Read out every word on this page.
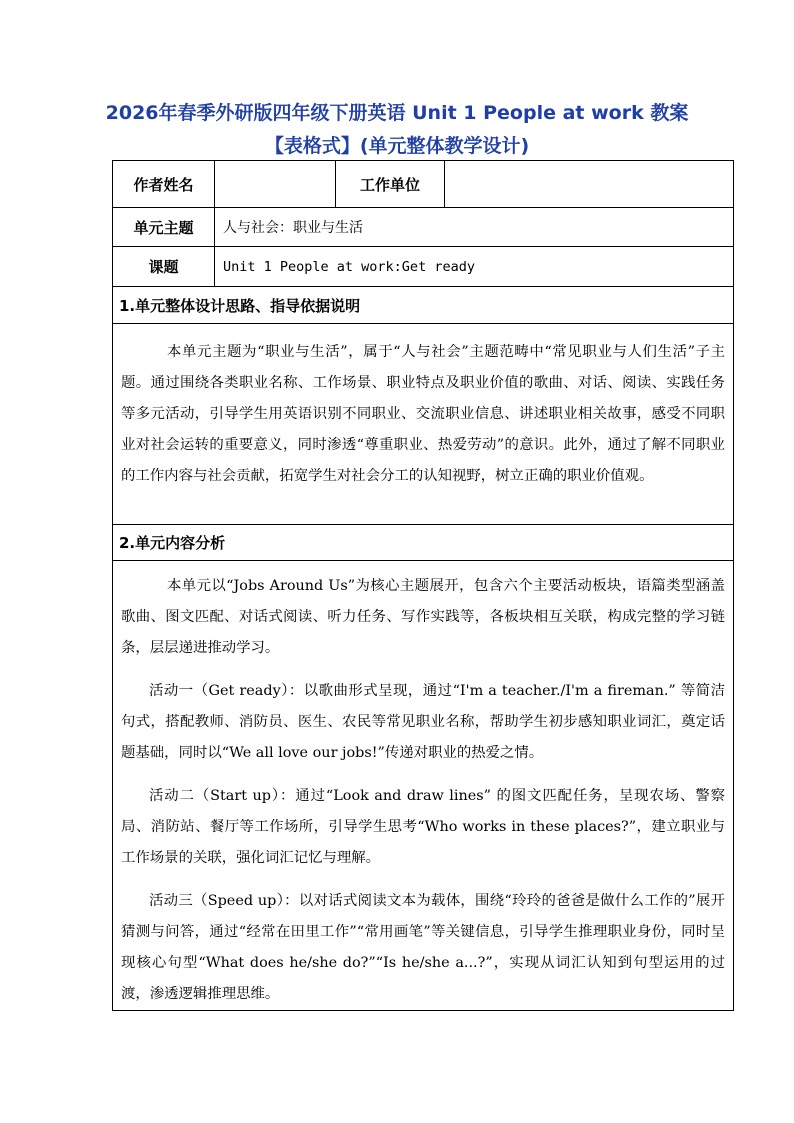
2026年春季外研版四年级下册英语 Unit 1 People at work 教案
【表格式】(单元整体教学设计)
作者姓名		工作单位	
单元主题	人与社会：职业与生活		
课题	Unit 1 People at work:Get ready		
1.单元整体设计思路、指导依据说明			

本单元主题为“职业与生活”，属于“人与社会”主题范畴中“常见职业与人们生活”子主题。通过围绕各类职业名称、工作场景、职业特点及职业价值的歌曲、对话、阅读、实践任务等多元活动，引导学生用英语识别不同职业、交流职业信息、讲述职业相关故事，感受不同职业对社会运转的重要意义，同时渗透“尊重职业、热爱劳动”的意识。此外，通过了解不同职业的工作内容与社会贡献，拓宽学生对社会分工的认知视野，树立正确的职业价值观。			

2.单元内容分析			

本单元以“Jobs Around Us”为核心主题展开，包含六个主要活动板块，语篇类型涵盖歌曲、图文匹配、对话式阅读、听力任务、写作实践等，各板块相互关联，构成完整的学习链条，层层递进推动学习。

活动一（Get ready）：以歌曲形式呈现，通过“I'm a teacher./I'm a fireman.” 等简洁句式，搭配教师、消防员、医生、农民等常见职业名称，帮助学生初步感知职业词汇，奠定话题基础，同时以“We all love our jobs!”传递对职业的热爱之情。

活动二（Start up）：通过“Look and draw lines” 的图文匹配任务，呈现农场、警察局、消防站、餐厅等工作场所，引导学生思考“Who works in these places?”，建立职业与工作场景的关联，强化词汇记忆与理解。

活动三（Speed up）：以对话式阅读文本为载体，围绕“玲玲的爸爸是做什么工作的”展开猜测与问答，通过“经常在田里工作”“常用画笔”等关键信息，引导学生推理职业身份，同时呈现核心句型“What does he/she do?”“Is he/she a...?”，实现从词汇认知到句型运用的过渡，渗透逻辑推理思维。			
